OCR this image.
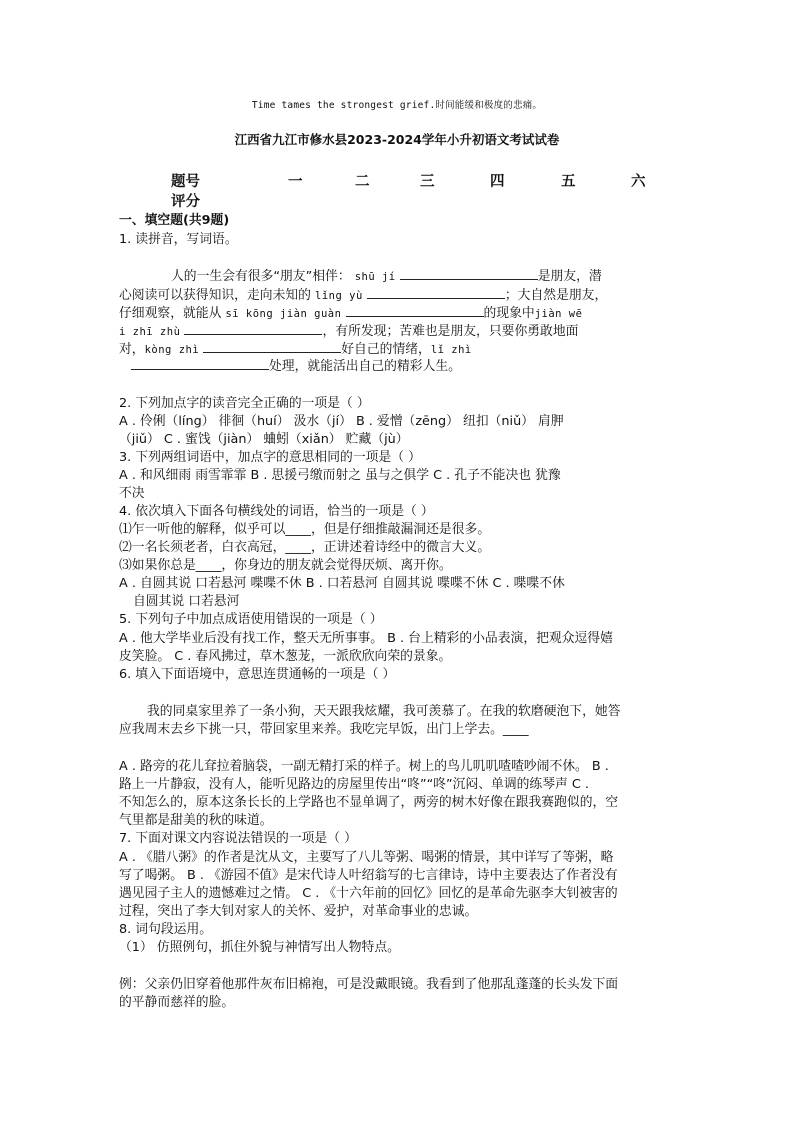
Time tames the strongest grief.时间能缓和极度的悲痛。
江西省九江市修水县2023-2024学年小升初语文考试试卷
题号	一	二	三	四	五	六
评分
一、填空题(共9题)
1. 读拼音，写词语。
人的一生会有很多“朋友”相伴： shū jí	是朋友，潜
心阅读可以获得知识，走向未知的 lǐng yù	；大自然是朋友，
仔细观察，就能从 sī kōng jiàn guàn	的现象中jiàn wē
i zhī zhù	，有所发现；苦难也是朋友，只要你勇敢地面
对，kòng zhì	好自己的情绪，lǐ zhì
处理，就能活出自己的精彩人生。
2. 下列加点字的读音完全正确的一项是（ ）
A . 伶俐（líng） 徘徊（huí） 汲水（jí） B . 爱憎（zēng） 纽扣（niǔ） 肩胛
（jiǔ） C . 蜜饯（jiàn） 蛐蚓（xiǎn） 贮藏（jù）
3. 下列两组词语中，加点字的意思相同的一项是（ ）
A . 和风细雨 雨雪霏霏 B . 思援弓缴而射之 虽与之俱学 C . 孔子不能决也 犹豫
不决
4. 依次填入下面各句横线处的词语，恰当的一项是（ ）
⑴乍一听他的解释，似乎可以____，但是仔细推敲漏洞还是很多。
⑵一名长须老者，白衣高冠，____，正讲述着诗经中的微言大义。
⑶如果你总是____，你身边的朋友就会觉得厌烦、离开你。
A . 自圆其说 口若悬河 喋喋不休 B . 口若悬河 自圆其说 喋喋不休 C . 喋喋不休
自圆其说 口若悬河
5. 下列句子中加点成语使用错误的一项是（ ）
A . 他大学毕业后没有找工作，整天无所事事。 B . 台上精彩的小品表演，把观众逗得嬉
皮笑脸。 C . 春风拂过，草木葱茏，一派欣欣向荣的景象。
6. 填入下面语境中，意思连贯通畅的一项是（ ）
我的同桌家里养了一条小狗，天天跟我炫耀，我可羡慕了。在我的软磨硬泡下，她答
应我周末去乡下挑一只，带回家里来养。我吃完早饭，出门上学去。____
A . 路旁的花儿耷拉着脑袋，一副无精打采的样子。树上的鸟儿叽叽喳喳吵闹不休。 B .
路上一片静寂，没有人，能听见路边的房屋里传出“咚”“咚”沉闷、单调的练琴声 C .
不知怎么的，原本这条长长的上学路也不显单调了，两旁的树木好像在跟我赛跑似的，空
气里都是甜美的秋的味道。
7. 下面对课文内容说法错误的一项是（ ）
A . 《腊八粥》的作者是沈从文，主要写了八儿等粥、喝粥的情景，其中详写了等粥，略
写了喝粥。 B . 《游园不值》是宋代诗人叶绍翁写的七言律诗，诗中主要表达了作者没有
遇见园子主人的遗憾难过之情。 C . 《十六年前的回忆》回忆的是革命先驱李大钊被害的
过程，突出了李大钊对家人的关怀、爱护，对革命事业的忠诚。
8. 词句段运用。
（1） 仿照例句，抓住外貌与神情写出人物特点。
例：父亲仍旧穿着他那件灰布旧棉袍，可是没戴眼镜。我看到了他那乱蓬蓬的长头发下面
的平静而慈祥的脸。
